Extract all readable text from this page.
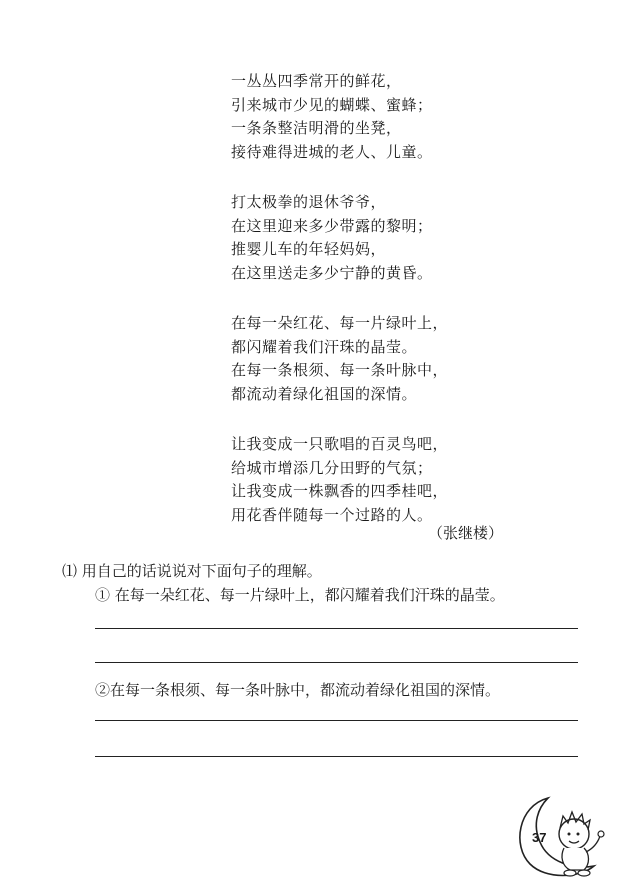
一丛丛四季常开的鲜花，
引来城市少见的蝴蝶、蜜蜂；
一条条整洁明滑的坐凳，
接待难得进城的老人、儿童。
打太极拳的退休爷爷，
在这里迎来多少带露的黎明；
推婴儿车的年轻妈妈，
在这里送走多少宁静的黄昏。
在每一朵红花、每一片绿叶上，
都闪耀着我们汗珠的晶莹。
在每一条根须、每一条叶脉中，
都流动着绿化祖国的深情。
让我变成一只歌唱的百灵鸟吧，
给城市增添几分田野的气氛；
让我变成一株飘香的四季桂吧，
用花香伴随每一个过路的人。
（张继楼）
⑴ 用自己的话说说对下面句子的理解。
① 在每一朵红花、每一片绿叶上，都闪耀着我们汗珠的晶莹。
②在每一条根须、每一条叶脉中，都流动着绿化祖国的深情。
37
